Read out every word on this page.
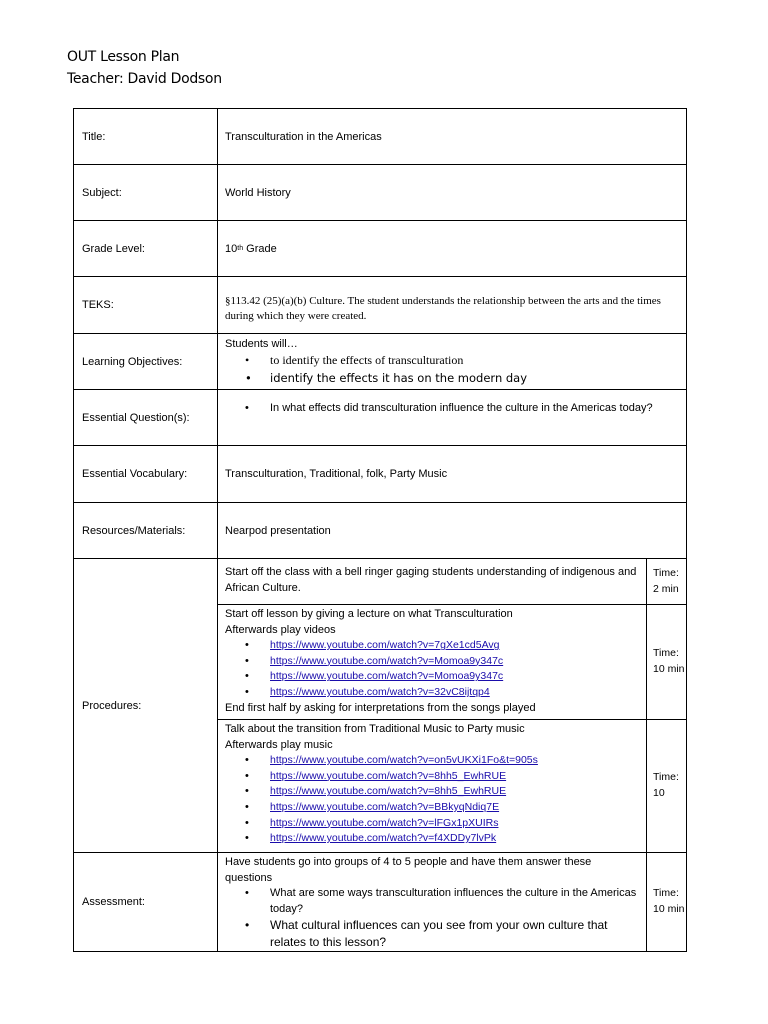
OUT Lesson Plan
Teacher: David Dodson
Title:	Transculturation in the Americas
Subject:	World History
Grade Level:	10 th Grade
TEKS:	§113.42 (25)(a)(b) Culture. The student understands the relationship between the arts and the times during which they were created.
Learning Objectives:
Students will…
• to identify the effects of transculturation
• identify the effects it has on the modern day
Essential Question(s):
• In what effects did transculturation influence the culture in the Americas today?
Essential Vocabulary:	Transculturation, Traditional, folk, Party Music
Resources/Materials:	Nearpod presentation
Procedures:
Start off the class with a bell ringer gaging students understanding of indigenous and African Culture.
Time: 2 min
Start off lesson by giving a lecture on what Transculturation
Afterwards play videos
• https://www.youtube.com/watch?v=7gXe1cd5Avg
• https://www.youtube.com/watch?v=Momoa9y347c
• https://www.youtube.com/watch?v=Momoa9y347c
• https://www.youtube.com/watch?v=32vC8ijtqp4
End first half by asking for interpretations from the songs played
Time: 10 min
Talk about the transition from Traditional Music to Party music
Afterwards play music
• https://www.youtube.com/watch?v=on5vUKXi1Fo&t=905s
• https://www.youtube.com/watch?v=8hh5_EwhRUE
• https://www.youtube.com/watch?v=8hh5_EwhRUE
• https://www.youtube.com/watch?v=BBkyqNdiq7E
• https://www.youtube.com/watch?v=lFGx1pXUIRs
• https://www.youtube.com/watch?v=f4XDDy7lvPk
Time: 10
Assessment:
Have students go into groups of 4 to 5 people and have them answer these questions
• What are some ways transculturation influences the culture in the Americas today?
• What cultural influences can you see from your own culture that relates to this lesson?
Time: 10 min
